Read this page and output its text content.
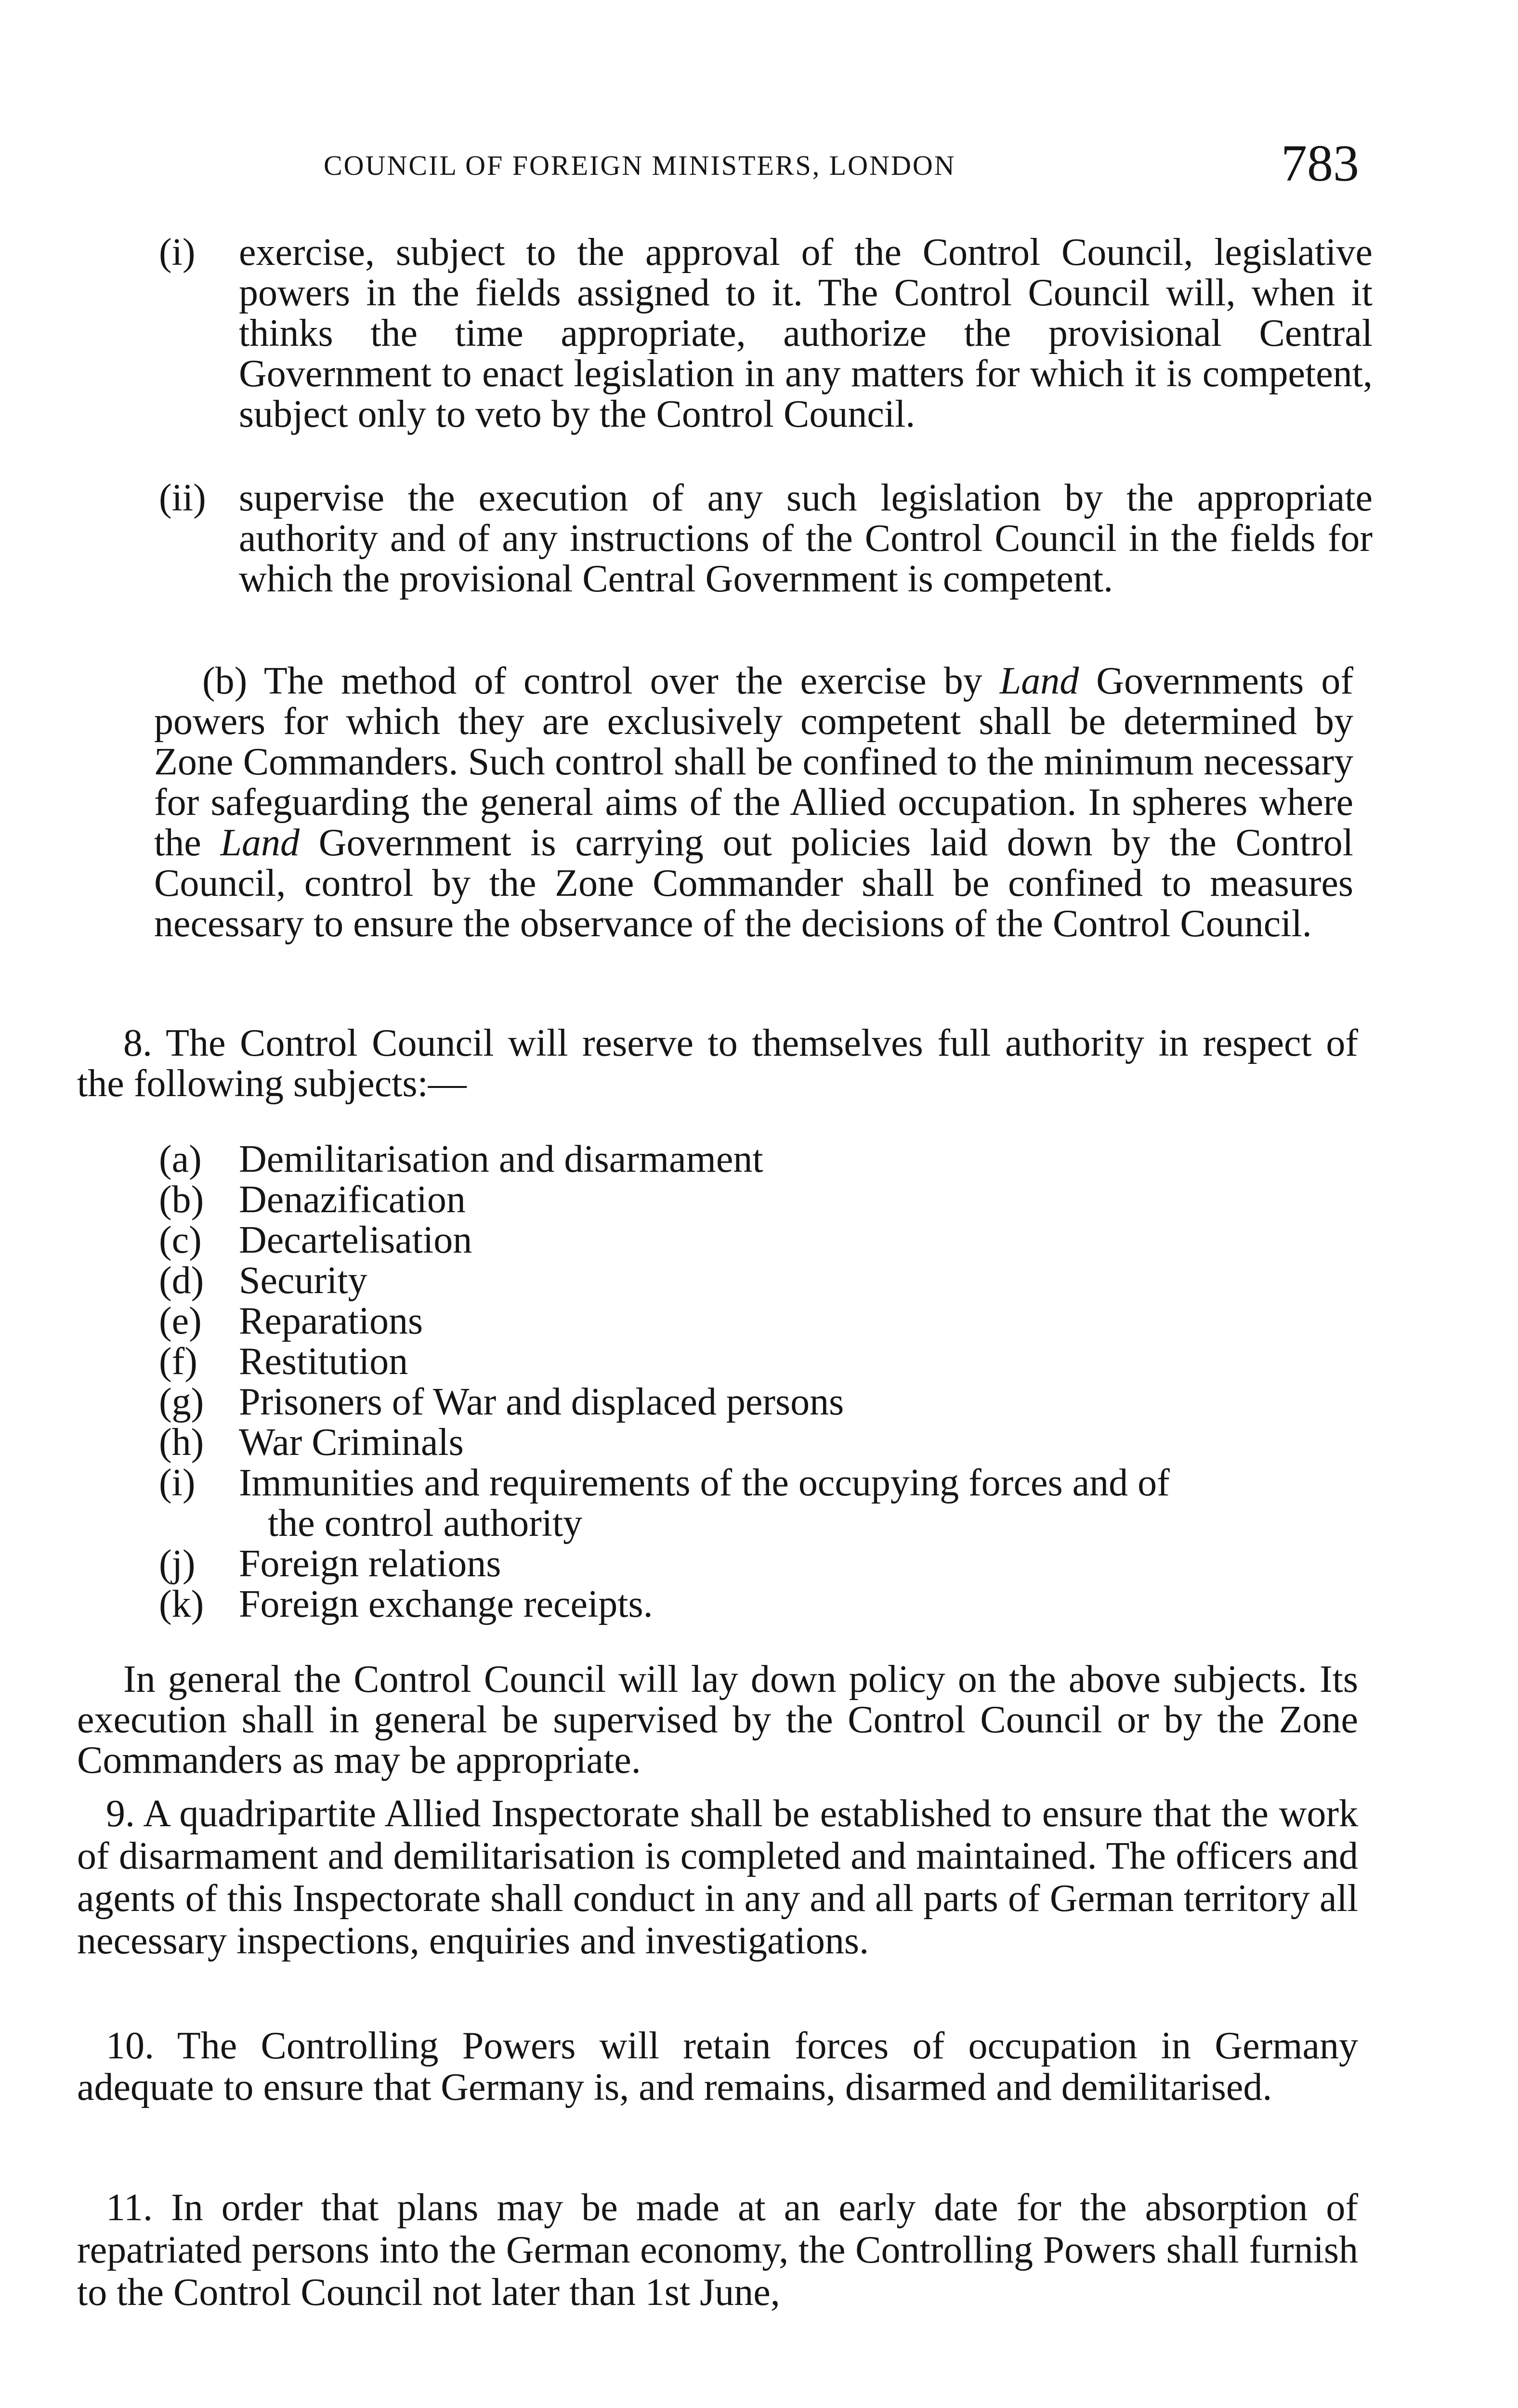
COUNCIL OF FOREIGN MINISTERS, LONDON	783
(i) exercise, subject to the approval of the Control Council, legislative powers in the fields assigned to it. The Control Council will, when it thinks the time appropriate, authorize the provisional Central Government to enact legislation in any matters for which it is competent, subject only to veto by the Control Council.
(ii) supervise the execution of any such legislation by the appropriate authority and of any instructions of the Control Council in the fields for which the provisional Central Government is competent.
(b) The method of control over the exercise by Land Governments of powers for which they are exclusively competent shall be determined by Zone Commanders. Such control shall be confined to the minimum necessary for safeguarding the general aims of the Allied occupation. In spheres where the Land Government is carrying out policies laid down by the Control Council, control by the Zone Commander shall be confined to measures necessary to ensure the observance of the decisions of the Control Council.
8. The Control Council will reserve to themselves full authority in respect of the following subjects:—
(a) Demilitarisation and disarmament
(b) Denazification
(c) Decartelisation
(d) Security
(e) Reparations
(f) Restitution
(g) Prisoners of War and displaced persons
(h) War Criminals
(i) Immunities and requirements of the occupying forces and of
the control authority
(j) Foreign relations
(k) Foreign exchange receipts.
In general the Control Council will lay down policy on the above subjects. Its execution shall in general be supervised by the Control Council or by the Zone Commanders as may be appropriate.
9. A quadripartite Allied Inspectorate shall be established to ensure that the work of disarmament and demilitarisation is completed and maintained. The officers and agents of this Inspectorate shall conduct in any and all parts of German territory all necessary inspections, enquiries and investigations.
10. The Controlling Powers will retain forces of occupation in Germany adequate to ensure that Germany is, and remains, disarmed and demilitarised.
11. In order that plans may be made at an early date for the absorption of repatriated persons into the German economy, the Controlling Powers shall furnish to the Control Council not later than 1st June,
